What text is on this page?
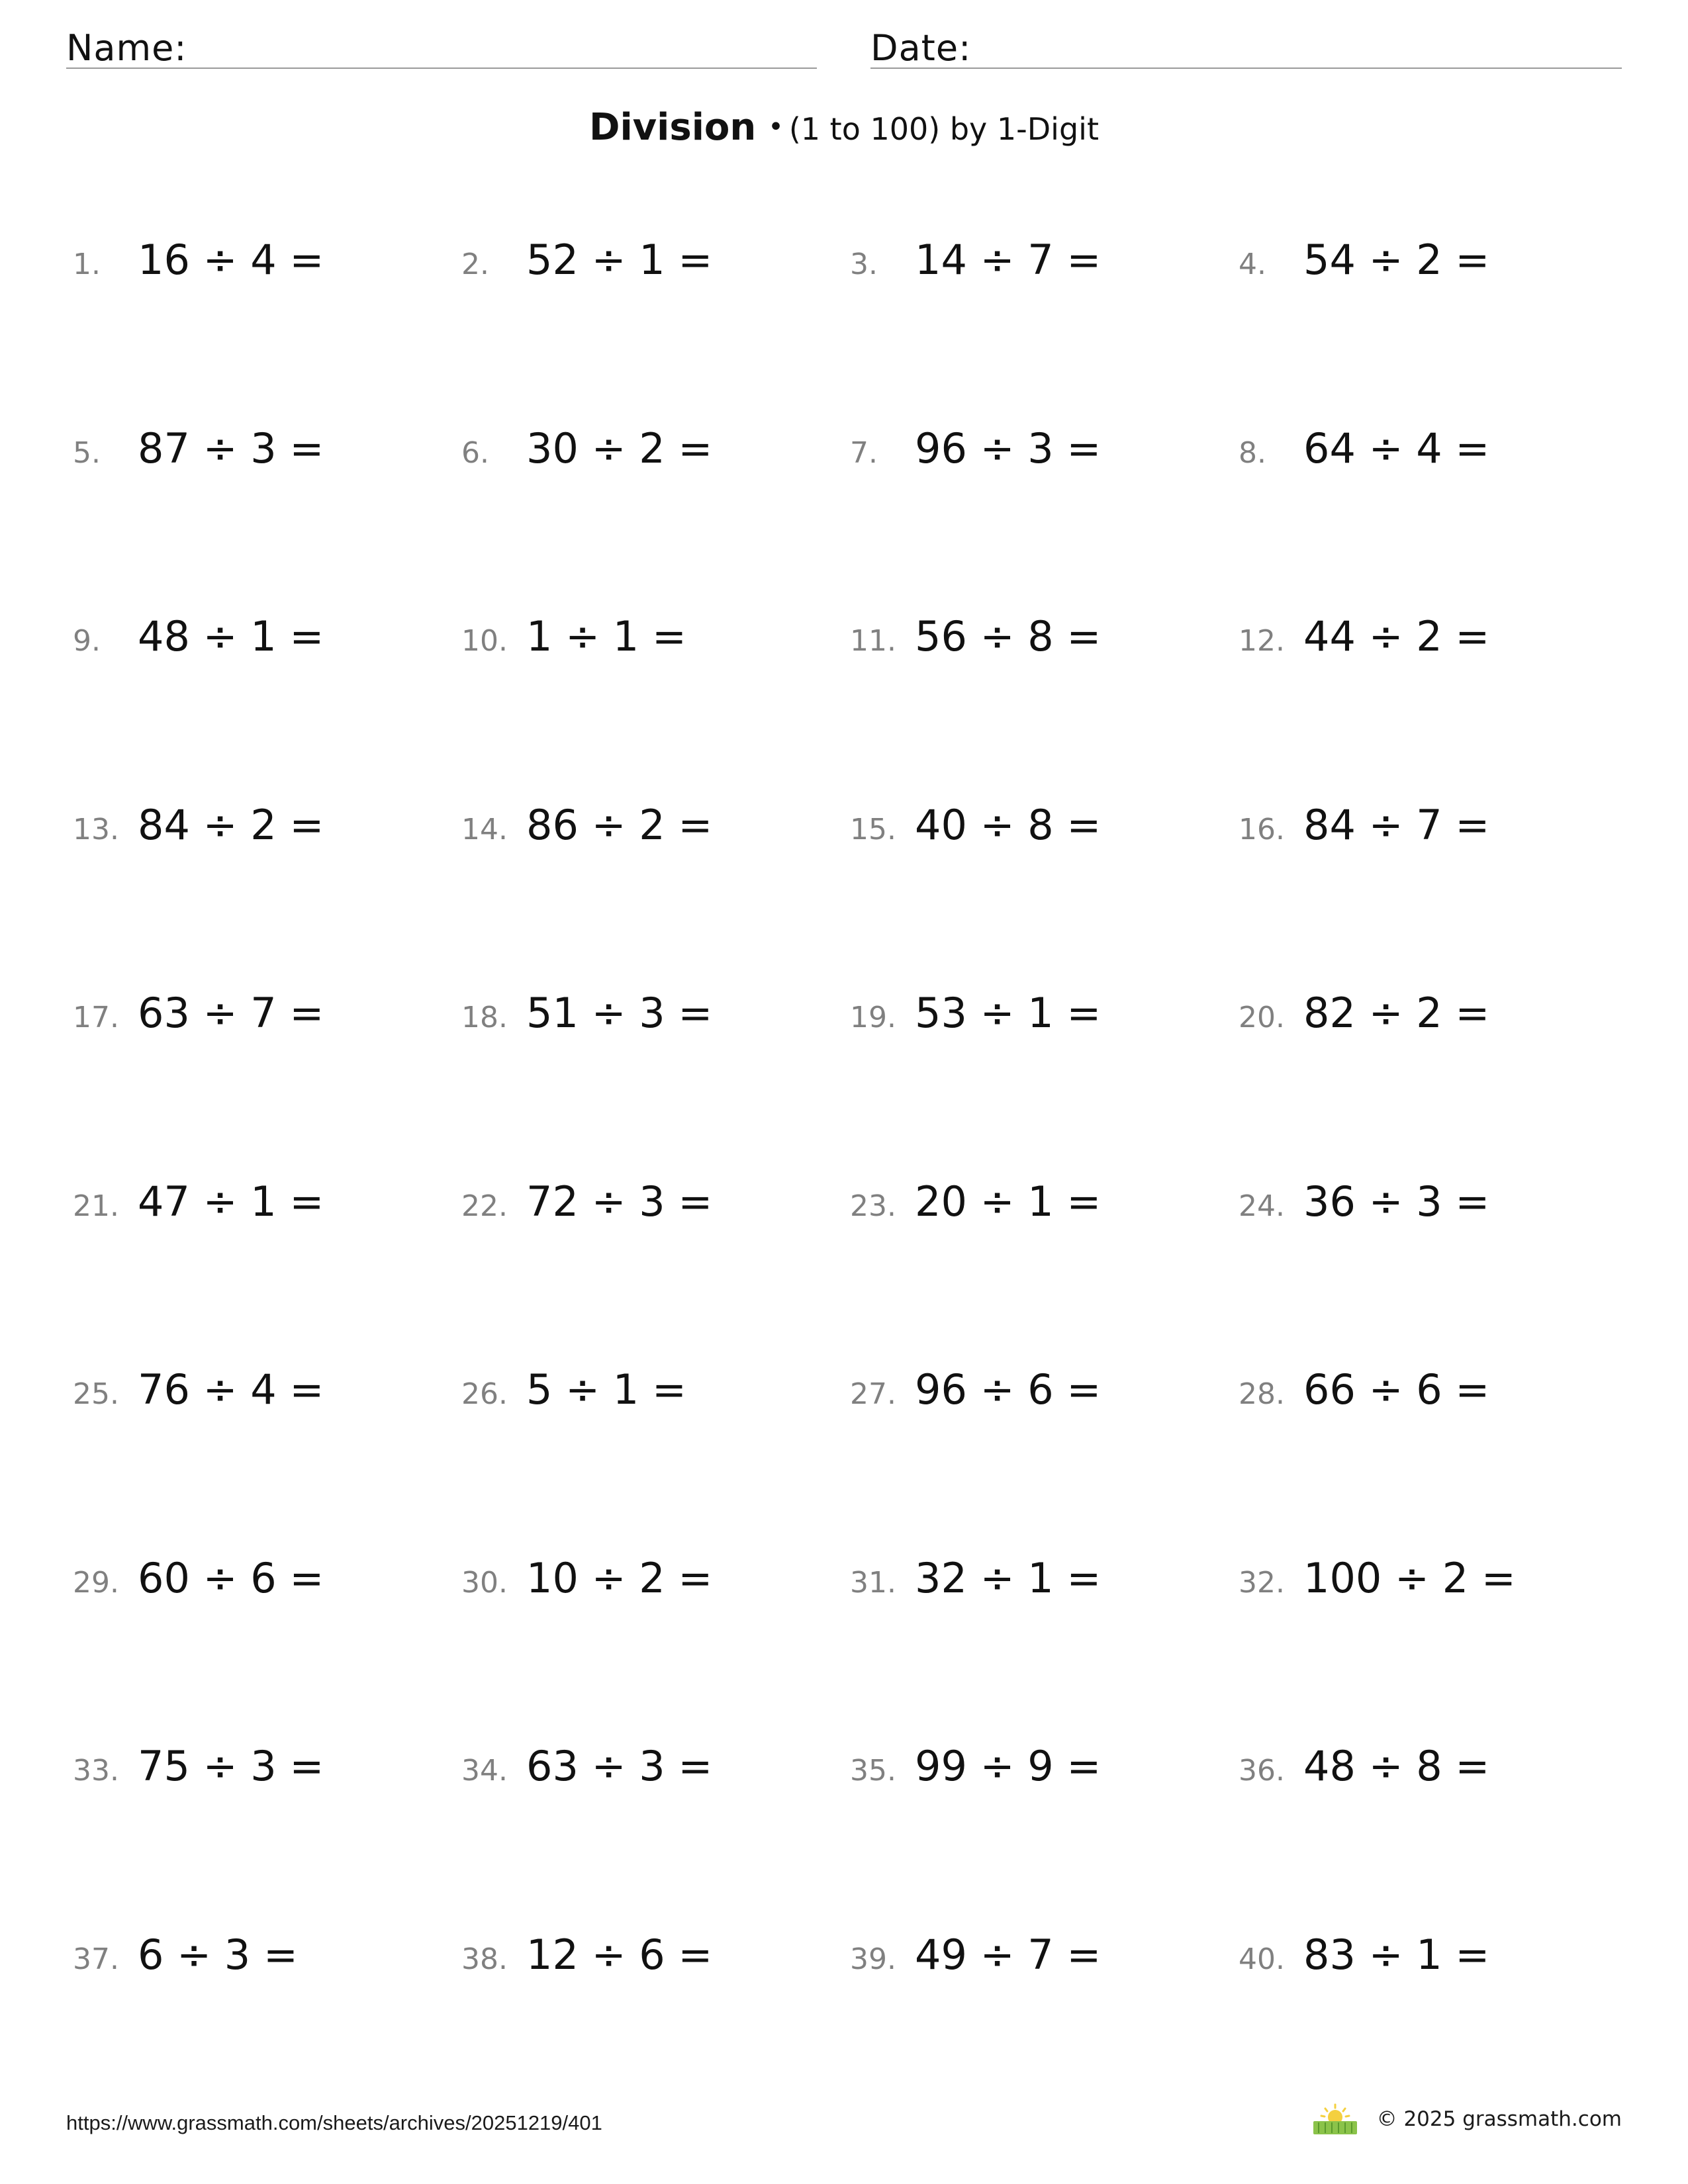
Name:	Date:
Division • (1 to 100) by 1-Digit
1. 16 ÷ 4 =	2. 52 ÷ 1 =	3. 14 ÷ 7 =	4. 54 ÷ 2 =
5. 87 ÷ 3 =	6. 30 ÷ 2 =	7. 96 ÷ 3 =	8. 64 ÷ 4 =
9. 48 ÷ 1 =	10. 1 ÷ 1 =	11. 56 ÷ 8 =	12. 44 ÷ 2 =
13. 84 ÷ 2 =	14. 86 ÷ 2 =	15. 40 ÷ 8 =	16. 84 ÷ 7 =
17. 63 ÷ 7 =	18. 51 ÷ 3 =	19. 53 ÷ 1 =	20. 82 ÷ 2 =
21. 47 ÷ 1 =	22. 72 ÷ 3 =	23. 20 ÷ 1 =	24. 36 ÷ 3 =
25. 76 ÷ 4 =	26. 5 ÷ 1 =	27. 96 ÷ 6 =	28. 66 ÷ 6 =
29. 60 ÷ 6 =	30. 10 ÷ 2 =	31. 32 ÷ 1 =	32. 100 ÷ 2 =
33. 75 ÷ 3 =	34. 63 ÷ 3 =	35. 99 ÷ 9 =	36. 48 ÷ 8 =
37. 6 ÷ 3 =	38. 12 ÷ 6 =	39. 49 ÷ 7 =	40. 83 ÷ 1 =
https://www.grassmath.com/sheets/archives/20251219/401	© 2025 grassmath.com
